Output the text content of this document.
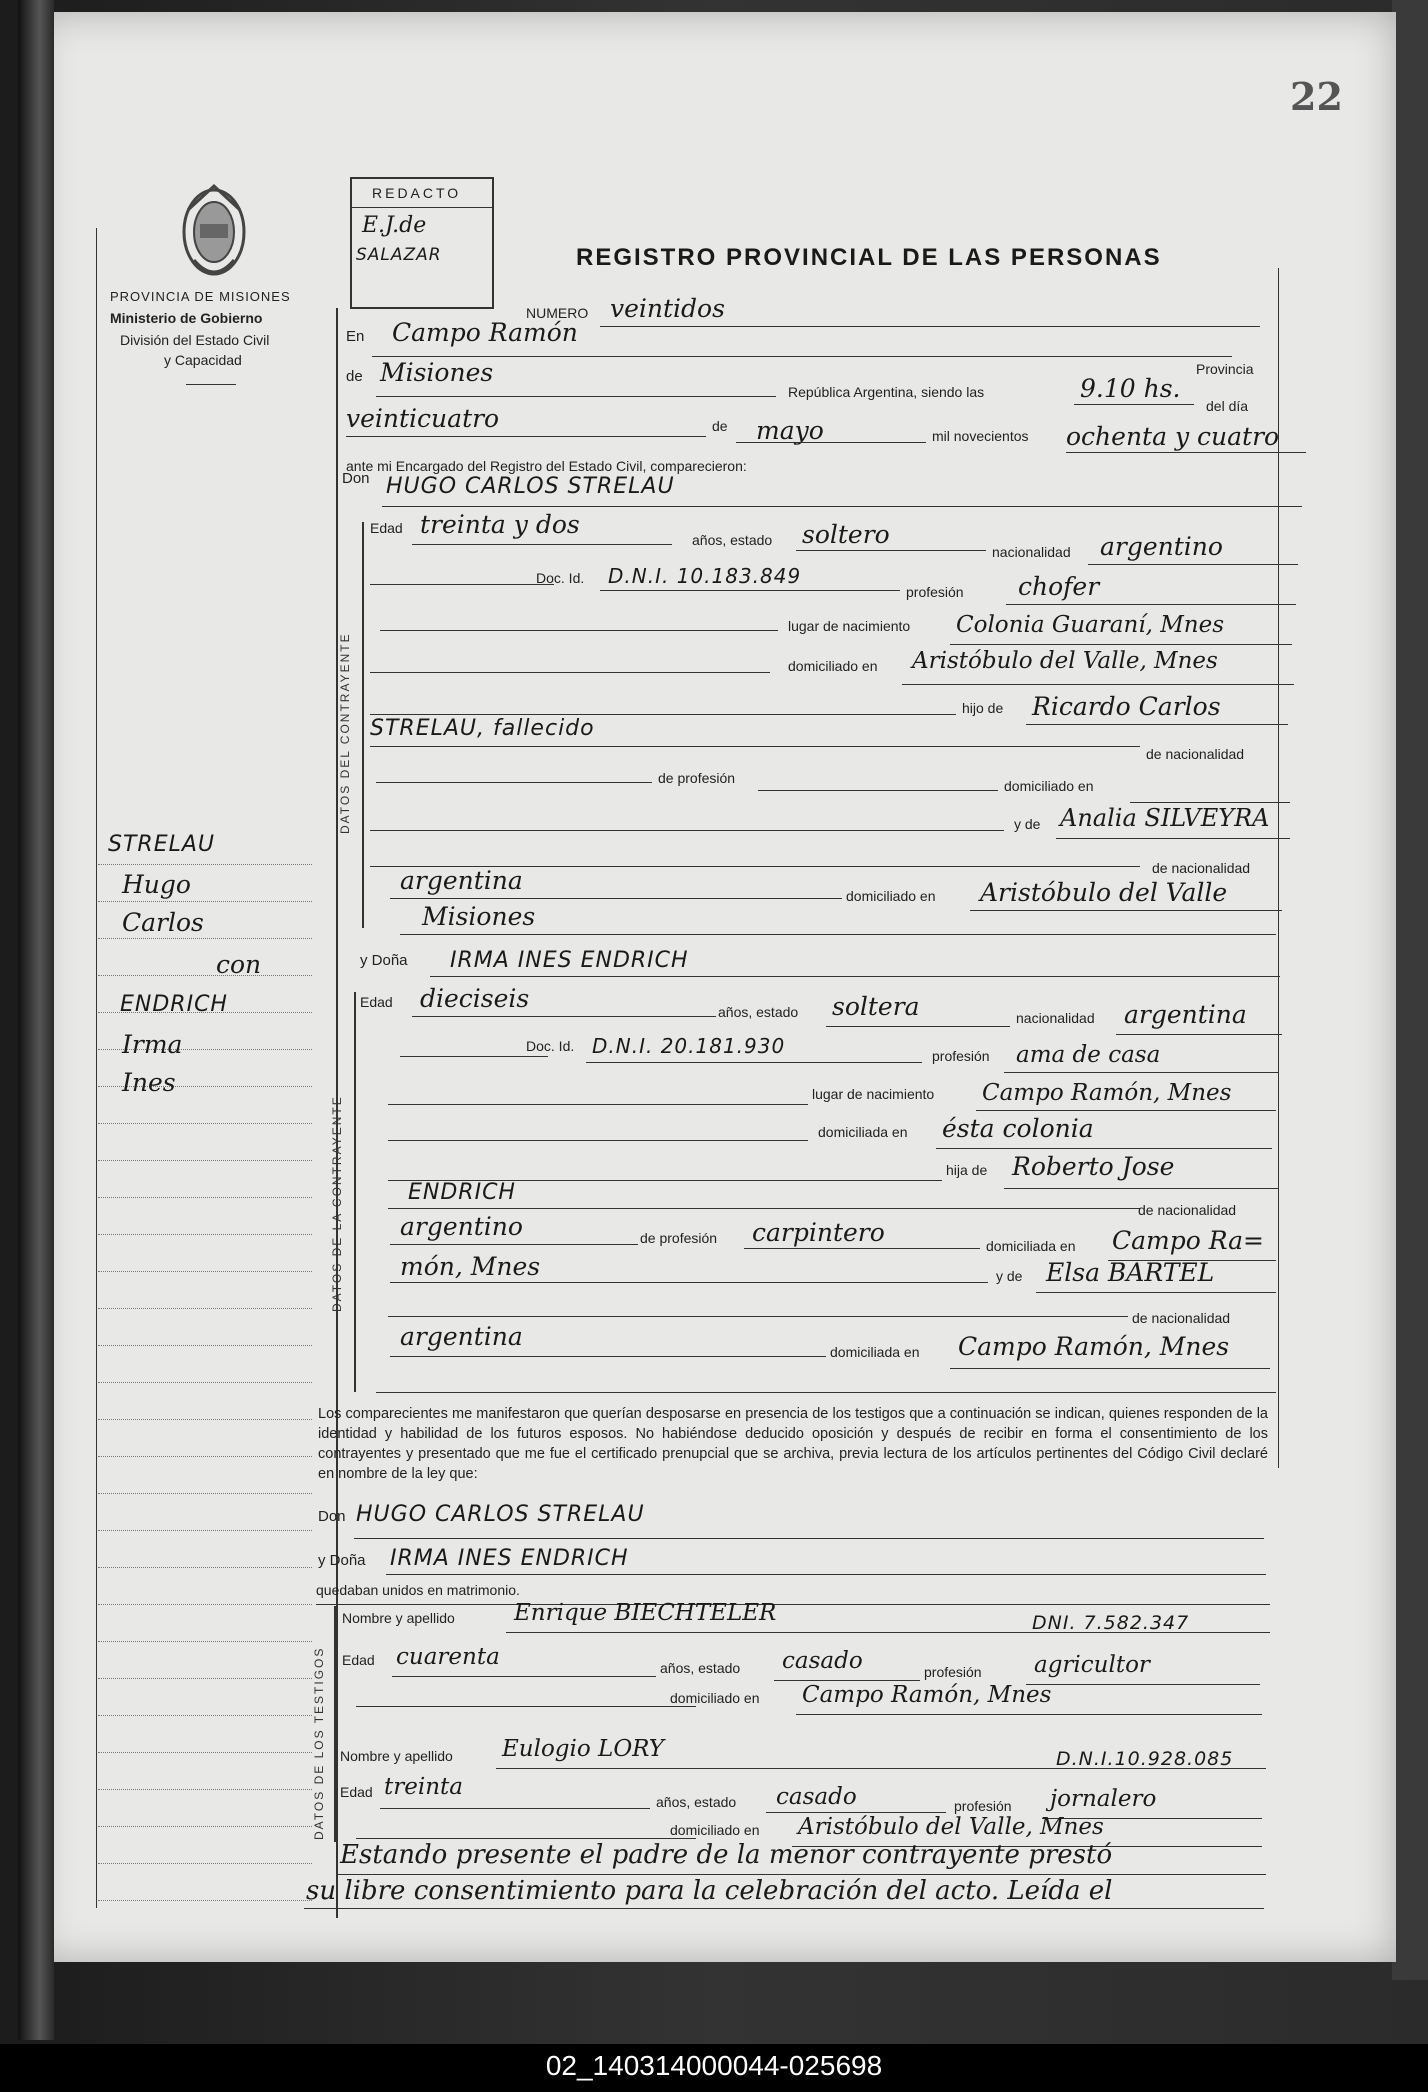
22
PROVINCIA DE MISIONES
Ministerio de Gobierno
División del Estado Civil
y Capacidad
REDACTO
E.J.de
SALAZAR	REGISTRO PROVINCIAL DE LAS PERSONAS
STRELAU
Hugo
Carlos
con
ENDRICH
Irma
Ines
NUMERO veintidos
En Campo Ramón
Provincia
de Misiones
República Argentina, siendo las	9.10 hs.
del día
veinticuatro	de mayo	mil novecientos ochenta y cuatro
ante mi Encargado del Registro del Estado Civil, comparecieron:
Don HUGO CARLOS STRELAU
DATOS DEL CONTRAYENTE
Edad treinta y dos
años, estado soltero
nacionalidad argentino
Doc. Id. D.N.I. 10.183.849
profesión chofer
lugar de nacimiento Colonia Guaraní, Mnes
domiciliado en Aristóbulo del Valle, Mnes
hijo de Ricardo Carlos
STRELAU, fallecido
de nacionalidad
de profesión	domiciliado en
y de Analia SILVEYRA
de nacionalidad
argentina
domiciliado en Aristóbulo del Valle
Misiones
y Doña IRMA INES ENDRICH
DATOS DE LA CONTRAYENTE
Edad dieciseis	años, estado soltera	nacionalidad argentina
Doc. Id. D.N.I. 20.181.930	profesión ama de casa
lugar de nacimiento Campo Ramón, Mnes
domiciliada en ésta colonia
hija de Roberto Jose
ENDRICH
de nacionalidad
argentino	de profesión carpintero	domiciliada en Campo Ra=
món, Mnes	y de Elsa BARTEL
de nacionalidad
argentina
domiciliada en Campo Ramón, Mnes
Los comparecientes me manifestaron que querían desposarse en presencia de los testigos que a continuación se indican, quienes responden de la identidad y habilidad de los futuros esposos. No habiéndose deducido oposición y después de recibir en forma el consentimiento de los contrayentes y presentado que me fue el certificado prenupcial que se archiva, previa lectura de los artículos pertinentes del Código Civil declaré en nombre de la ley que:
Don HUGO CARLOS STRELAU
y Doña IRMA INES ENDRICH
quedaban unidos en matrimonio.
DATOS DE LOS TESTIGOS
Nombre y apellido	Enrique BIECHTELER	DNI. 7.582.347
Edad cuarenta	años, estado casado	profesión agricultor
domiciliado en Campo Ramón, Mnes
Nombre y apellido Eulogio LORY	D.N.I.10.928.085
Edad treinta
años, estado casado	profesión jornalero
domiciliado en Aristóbulo del Valle, Mnes
Estando presente el padre de la menor contrayente prestó
su libre consentimiento para la celebración del acto. Leída el
02_140314000044-025698
